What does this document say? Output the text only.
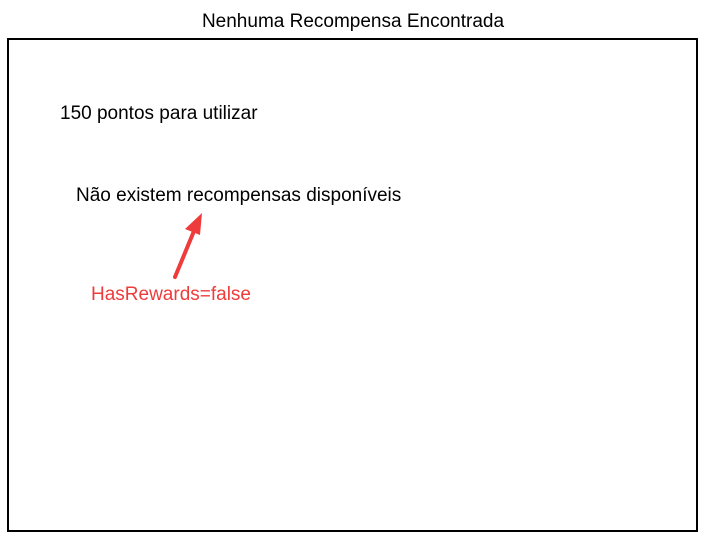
Nenhuma Recompensa Encontrada
150 pontos para utilizar
Não existem recompensas disponíveis
HasRewards=false
